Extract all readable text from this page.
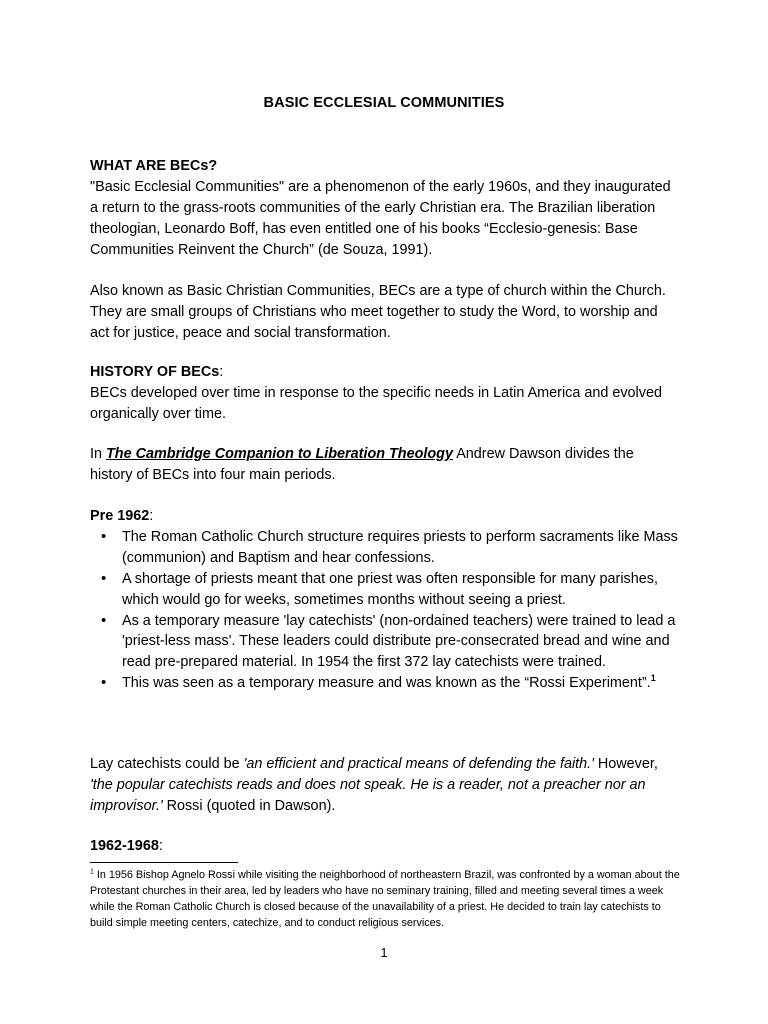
BASIC ECCLESIAL COMMUNITIES
WHAT ARE BECs?

"Basic Ecclesial Communities" are a phenomenon of the early 1960s, and they inaugurated a return to the grass-roots communities of the early Christian era. The Brazilian liberation theologian, Leonardo Boff, has even entitled one of his books “Ecclesio-genesis: Base Communities Reinvent the Church” (de Souza, 1991).

Also known as Basic Christian Communities, BECs are a type of church within the Church. They are small groups of Christians who meet together to study the Word, to worship and act for justice, peace and social transformation.

HISTORY OF BECs:

BECs developed over time in response to the specific needs in Latin America and evolved organically over time.

In The Cambridge Companion to Liberation Theology Andrew Dawson divides the history of BECs into four main periods.

Pre 1962:
• The Roman Catholic Church structure requires priests to perform sacraments like Mass (communion) and Baptism and hear confessions.
• A shortage of priests meant that one priest was often responsible for many parishes, which would go for weeks, sometimes months without seeing a priest.
• As a temporary measure 'lay catechists' (non-ordained teachers) were trained to lead a 'priest-less mass'. These leaders could distribute pre-consecrated bread and wine and read pre-prepared material. In 1954 the first 372 lay catechists were trained.
• This was seen as a temporary measure and was known as the “Rossi Experiment”.$^1$

Lay catechists could be 'an efficient and practical means of defending the faith.' However, 'the popular catechists reads and does not speak. He is a reader, not a preacher nor an improvisor.' Rossi (quoted in Dawson).

1962-1968:
$^1$ In 1956 Bishop Agnelo Rossi while visiting the neighborhood of northeastern Brazil, was confronted by a woman about the Protestant churches in their area, led by leaders who have no seminary training, filled and meeting several times a week while the Roman Catholic Church is closed because of the unavailability of a priest. He decided to train lay catechists to build simple meeting centers, catechize, and to conduct religious services.
1
